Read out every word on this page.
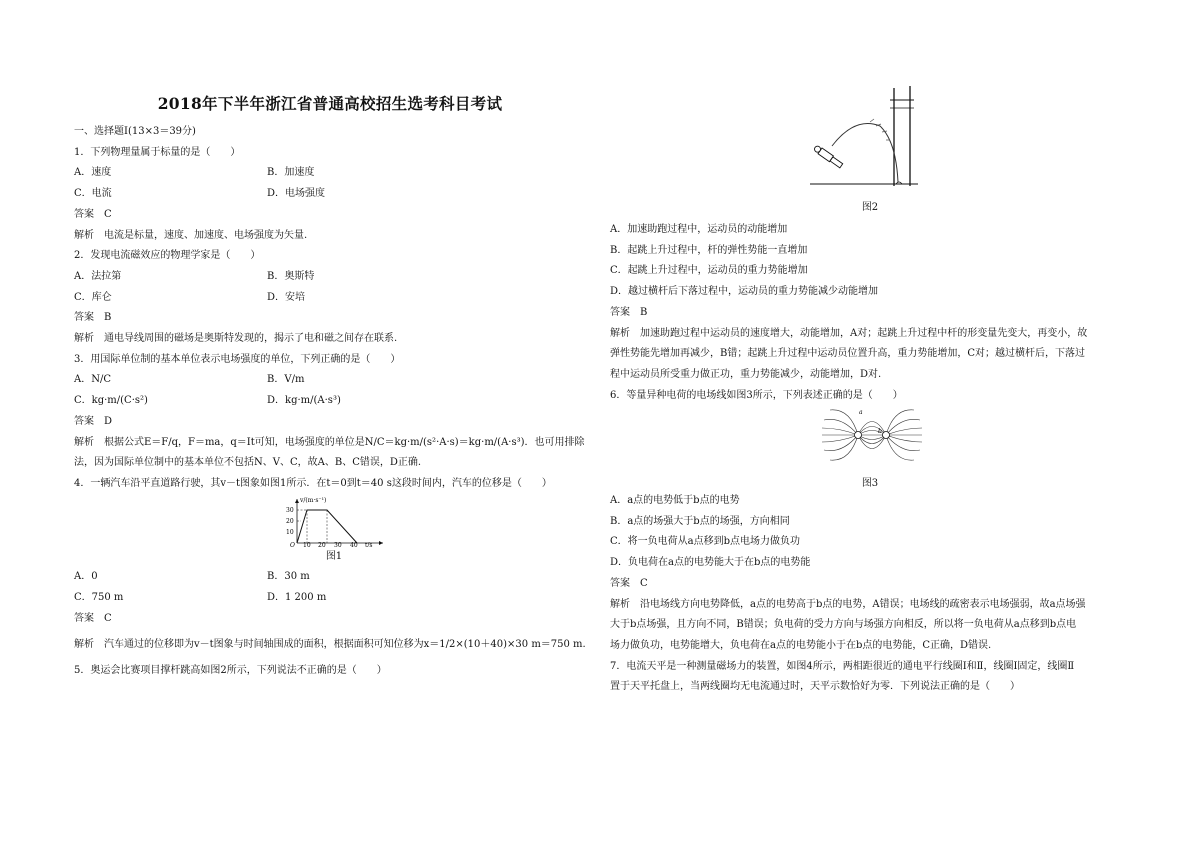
2018年下半年浙江省普通高校招生选考科目考试
一、选择题Ⅰ(13×3＝39分)
1．下列物理量属于标量的是（　　）
A．速度	B．加速度
C．电流	D．电场强度
答案　C
解析　电流是标量，速度、加速度、电场强度为矢量.
2．发现电流磁效应的物理学家是（　　）
A．法拉第	B．奥斯特
C．库仑	D．安培
答案　B
解析　通电导线周围的磁场是奥斯特发现的，揭示了电和磁之间存在联系.
3．用国际单位制的基本单位表示电场强度的单位，下列正确的是（　　）
A．N/C	B．V/m
C．kg·m/(C·s²)	D．kg·m/(A·s³)
答案　D
解析　根据公式E＝F/q，F＝ma，q＝It可知，电场强度的单位是N/C＝kg·m/(s²·A·s)＝kg·m/(A·s³)．也可用排除
法，因为国际单位制中的基本单位不包括N、V、C，故A、B、C错误，D正确.
4．一辆汽车沿平直道路行驶，其v－t图象如图1所示．在t＝0到t＝40 s这段时间内，汽车的位移是（　　）
v/(m·s⁻¹)
30
20
10
O 10 20 30 40 t/s
图1
A．0	B．30 m
C．750 m	D．1 200 m
答案　C
解析　汽车通过的位移即为v－t图象与时间轴围成的面积，根据面积可知位移为x＝1/2×(10＋40)×30 m＝750 m.
5．奥运会比赛项目撑杆跳高如图2所示，下列说法不正确的是（　　）
图2
A．加速助跑过程中，运动员的动能增加
B．起跳上升过程中，杆的弹性势能一直增加
C．起跳上升过程中，运动员的重力势能增加
D．越过横杆后下落过程中，运动员的重力势能减少动能增加
答案　B
解析　加速助跑过程中运动员的速度增大，动能增加，A对；起跳上升过程中杆的形变量先变大，再变小，故
弹性势能先增加再减少，B错；起跳上升过程中运动员位置升高，重力势能增加，C对；越过横杆后，下落过
程中运动员所受重力做正功，重力势能减少，动能增加，D对.
6．等量异种电荷的电场线如图3所示，下列表述正确的是（　　）
a
b
图3
A．a点的电势低于b点的电势
B．a点的场强大于b点的场强，方向相同
C．将一负电荷从a点移到b点电场力做负功
D．负电荷在a点的电势能大于在b点的电势能
答案　C
解析　沿电场线方向电势降低，a点的电势高于b点的电势，A错误；电场线的疏密表示电场强弱，故a点场强
大于b点场强，且方向不同，B错误；负电荷的受力方向与场强方向相反，所以将一负电荷从a点移到b点电
场力做负功，电势能增大，负电荷在a点的电势能小于在b点的电势能，C正确，D错误.
7．电流天平是一种测量磁场力的装置，如图4所示，两相距很近的通电平行线圈Ⅰ和Ⅱ，线圈Ⅰ固定，线圈Ⅱ
置于天平托盘上，当两线圈均无电流通过时，天平示数恰好为零．下列说法正确的是（　　）
